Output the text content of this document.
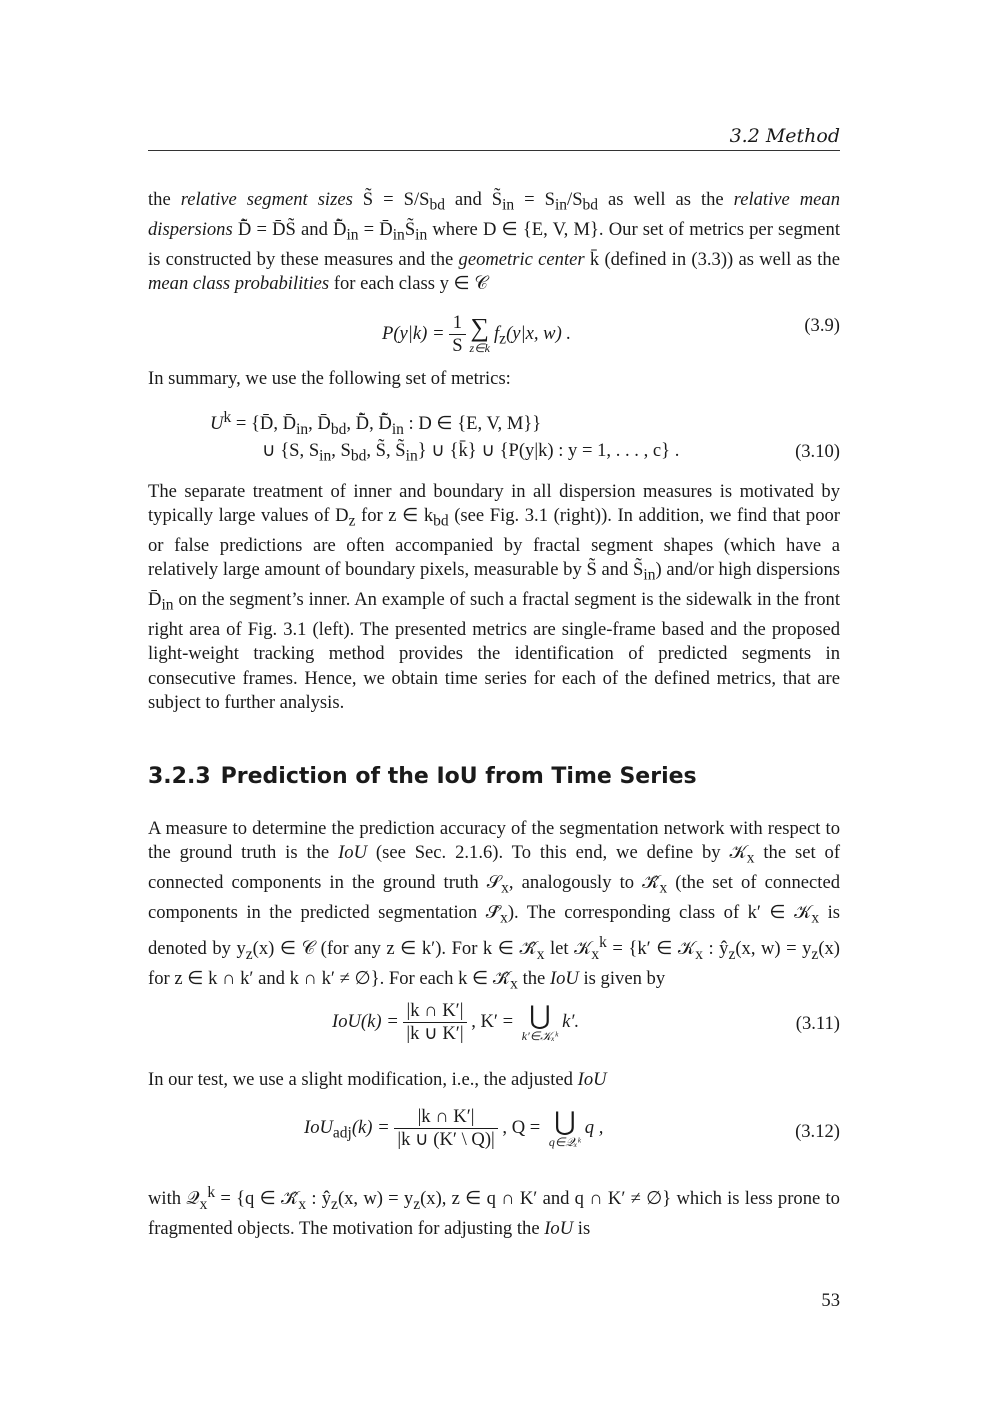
3.2 Method

the relative segment sizes S̃ = $S/S_{bd}$ and $S̃_{in} = S_{in}/S_{bd}$ as well as the relative mean dispersions D̃̄ = D̄S̃ and $D̃̄_{in}$ = $D̄_{in}S̃_{in}$ where D ∈ {E, V, M}. Our set of metrics per segment is constructed by these measures and the geometric center k̄ (defined in (3.3)) as well as the mean class probabilities for each class y ∈ 𝒞

$P(y|k) = \frac{1}{S}$ ∑
z∈k
$f_z(y|x$, w) .	(3.9)

In summary, we use the following set of metrics:

$U^k$ = {D̄, $D̄_{in}$, $D̄_{bd}$, D̃̄, $D̃̄_{in}$ : D ∈ {E, V, M}}
∪ {S, $S_{in}$, $S_{bd}$, S̃, $S̃_{in}$} ∪ {k̄} ∪ {P(y|k) : y = 1, . . . , c} .	(3.10)

The separate treatment of inner and boundary in all dispersion measures is motivated by typically large values of $D_z$ for z ∈ $k_{bd}$ (see Fig. 3.1 (right)). In addition, we find that poor or false predictions are often accompanied by fractal segment shapes (which have a relatively large amount of boundary pixels, measurable by S̃ and $S̃_{in}$) and/or high dispersions $D̄_{in}$ on the segment’s inner. An example of such a fractal segment is the sidewalk in the front right area of Fig. 3.1 (left). The presented metrics are single-frame based and the proposed light-weight tracking method provides the identification of predicted segments in consecutive frames. Hence, we obtain time series for each of the defined metrics, that are subject to further analysis.

3.2.3 Prediction of the IoU from Time Series

A measure to determine the prediction accuracy of the segmentation network with respect to the ground truth is the IoU (see Sec. 2.1.6). To this end, we define by 𝒦$_x$ the set of connected components in the ground truth 𝒮$_x$, analogously to $𝒦̂_x$ (the set of connected components in the predicted segmentation $𝒮̂_x$). The corresponding class of k′ ∈ 𝒦$_x$ is denoted by $y_z(x)$ ∈ 𝒞 (for any z ∈ k′). For k ∈ $𝒦̂_x$ let 𝒦$_x^k$ = {k′ ∈ 𝒦$_x$ : $ŷ_z(x$, $w) = y_z(x)$ for z ∈ k ∩ k′ and k ∩ k′ ≠ ∅}. For each k ∈ $𝒦̂_x$ the IoU is given by

$IoU(k) = \frac{|k \cap K'|}{|k \cup K'|}$ , K′ = ⋃
k′∈𝒦ₓᵏ
k′.	(3.11)

In our test, we use a slight modification, i.e., the adjusted IoU

$IoU_{adj}(k) = \frac{|k \cap K'|}{|k \cup (K' \backslash Q)|}$ , Q = ⋃
q∈𝒬ₓᵏ
q ,	(3.12)

with 𝒬$_x^k$ = {q ∈ $𝒦̂_x$ : $ŷ_z(x$, $w) = y_z(x)$, z ∈ q ∩ K′ and q ∩ K′ ≠ ∅} which is less prone to fragmented objects. The motivation for adjusting the IoU is

53
